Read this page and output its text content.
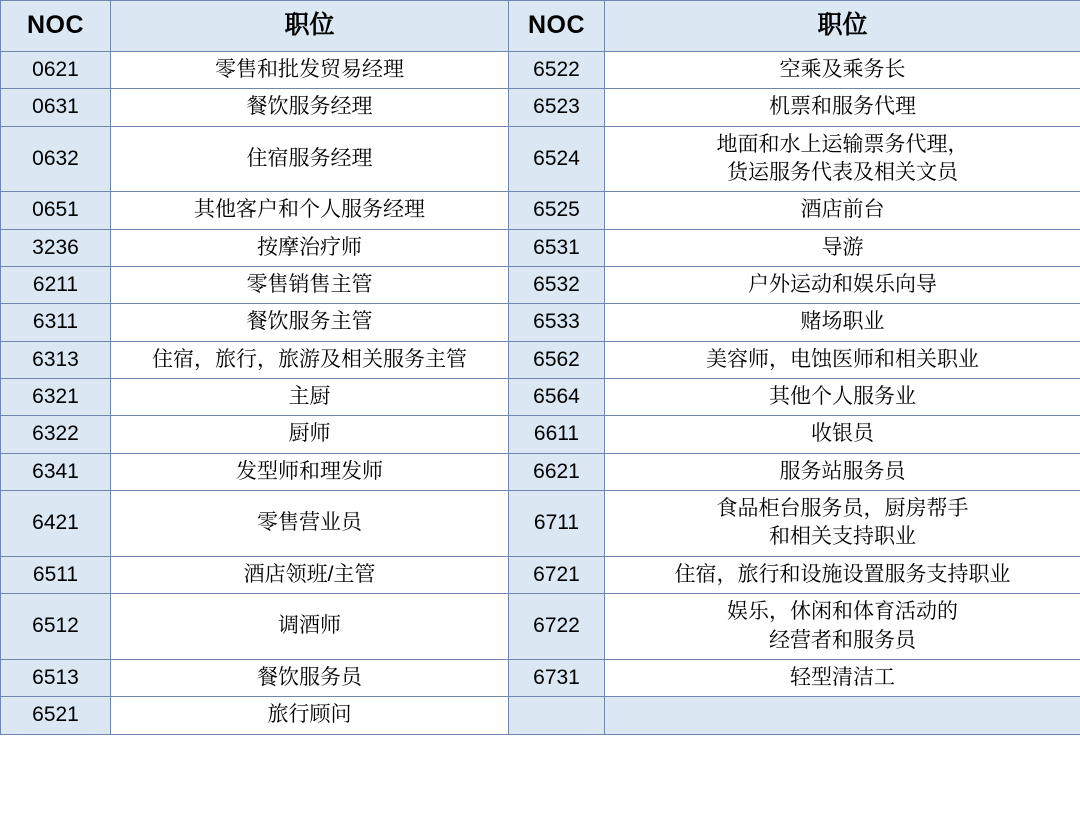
NOC	职位	NOC	职位

0621	零售和批发贸易经理	6522	空乘及乘务长

0631	餐饮服务经理	6523	机票和服务代理

0632	住宿服务经理	6524	地面和水上运输票务代理，
货运服务代表及相关文员

0651	其他客户和个人服务经理	6525	酒店前台

3236	按摩治疗师	6531	导游

6211	零售销售主管	6532	户外运动和娱乐向导

6311	餐饮服务主管	6533	赌场职业

6313	住宿，旅行，旅游及相关服务主管	6562	美容师，电蚀医师和相关职业

6321	主厨	6564	其他个人服务业

6322	厨师	6611	收银员

6341	发型师和理发师	6621	服务站服务员

6421	零售营业员	6711	食品柜台服务员，厨房帮手
和相关支持职业

6511	酒店领班/主管	6721	住宿，旅行和设施设置服务支持职业

6512	调酒师	6722	娱乐，休闲和体育活动的
经营者和服务员

6513	餐饮服务员	6731	轻型清洁工

6521	旅行顾问		
